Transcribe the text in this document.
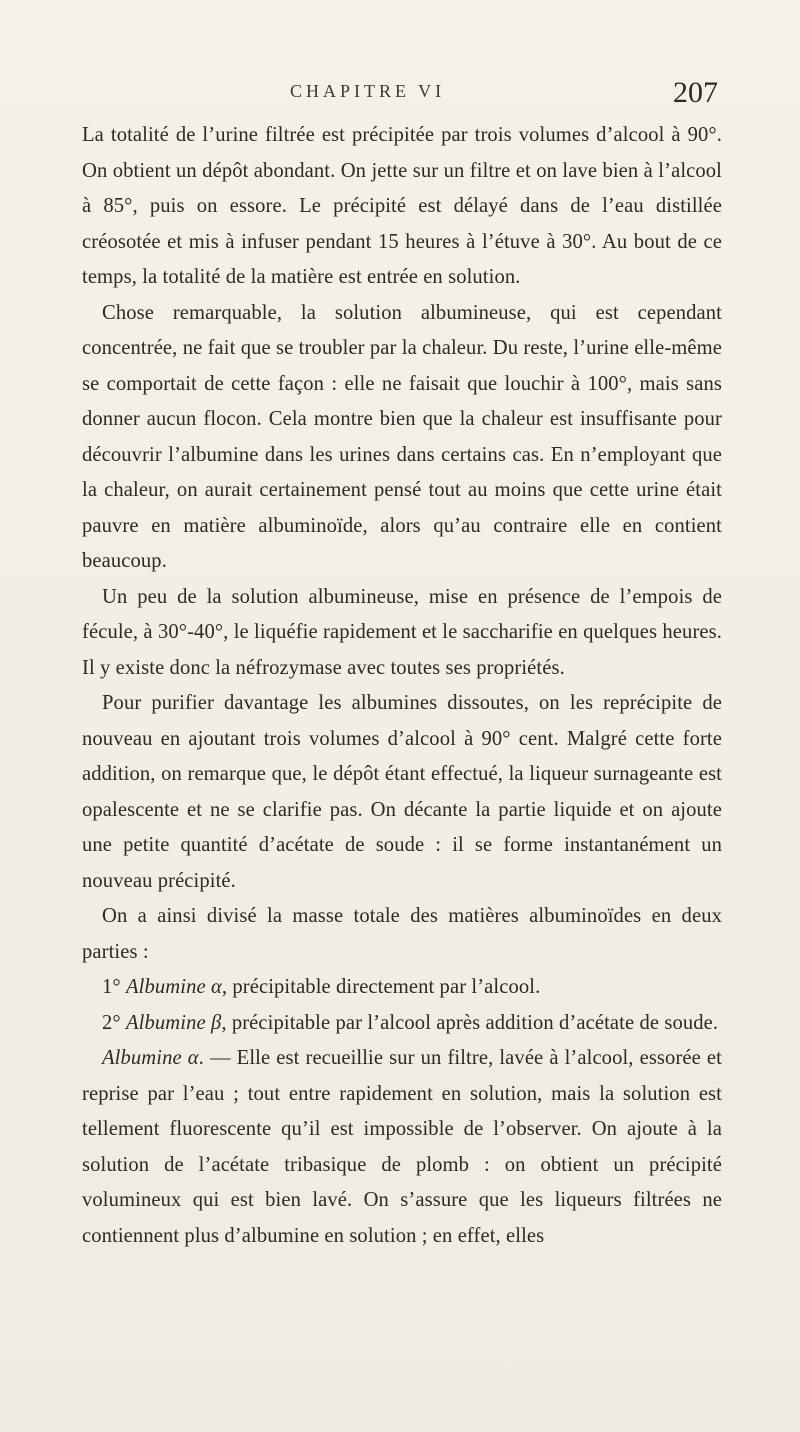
CHAPITRE VI	207

La totalité de l’urine filtrée est précipitée par trois volumes d’alcool à 90°. On obtient un dépôt abondant. On jette sur un filtre et on lave bien à l’alcool à 85°, puis on essore. Le précipité est délayé dans de l’eau distillée créosotée et mis à infuser pendant 15 heures à l’étuve à 30°. Au bout de ce temps, la totalité de la matière est entrée en solution.

Chose remarquable, la solution albumineuse, qui est cependant concentrée, ne fait que se troubler par la chaleur. Du reste, l’urine elle-même se comportait de cette façon : elle ne faisait que louchir à 100°, mais sans donner aucun flocon. Cela montre bien que la chaleur est insuffisante pour découvrir l’albumine dans les urines dans certains cas. En n’employant que la chaleur, on aurait certainement pensé tout au moins que cette urine était pauvre en matière albuminoïde, alors qu’au contraire elle en contient beaucoup.

Un peu de la solution albumineuse, mise en présence de l’empois de fécule, à 30°-40°, le liquéfie rapidement et le saccharifie en quelques heures. Il y existe donc la néfrozymase avec toutes ses propriétés.

Pour purifier davantage les albumines dissoutes, on les reprécipite de nouveau en ajoutant trois volumes d’alcool à 90° cent. Malgré cette forte addition, on remarque que, le dépôt étant effectué, la liqueur surnageante est opalescente et ne se clarifie pas. On décante la partie liquide et on ajoute une petite quantité d’acétate de soude : il se forme instantanément un nouveau précipité.

On a ainsi divisé la masse totale des matières albuminoïdes en deux parties :

1° Albumine α, précipitable directement par l’alcool.

2° Albumine β, précipitable par l’alcool après addition d’acétate de soude.

Albumine α. — Elle est recueillie sur un filtre, lavée à l’alcool, essorée et reprise par l’eau ; tout entre rapidement en solution, mais la solution est tellement fluorescente qu’il est impossible de l’observer. On ajoute à la solution de l’acétate tribasique de plomb : on obtient un précipité volumineux qui est bien lavé. On s’assure que les liqueurs filtrées ne contiennent plus d’albumine en solution ; en effet, elles
